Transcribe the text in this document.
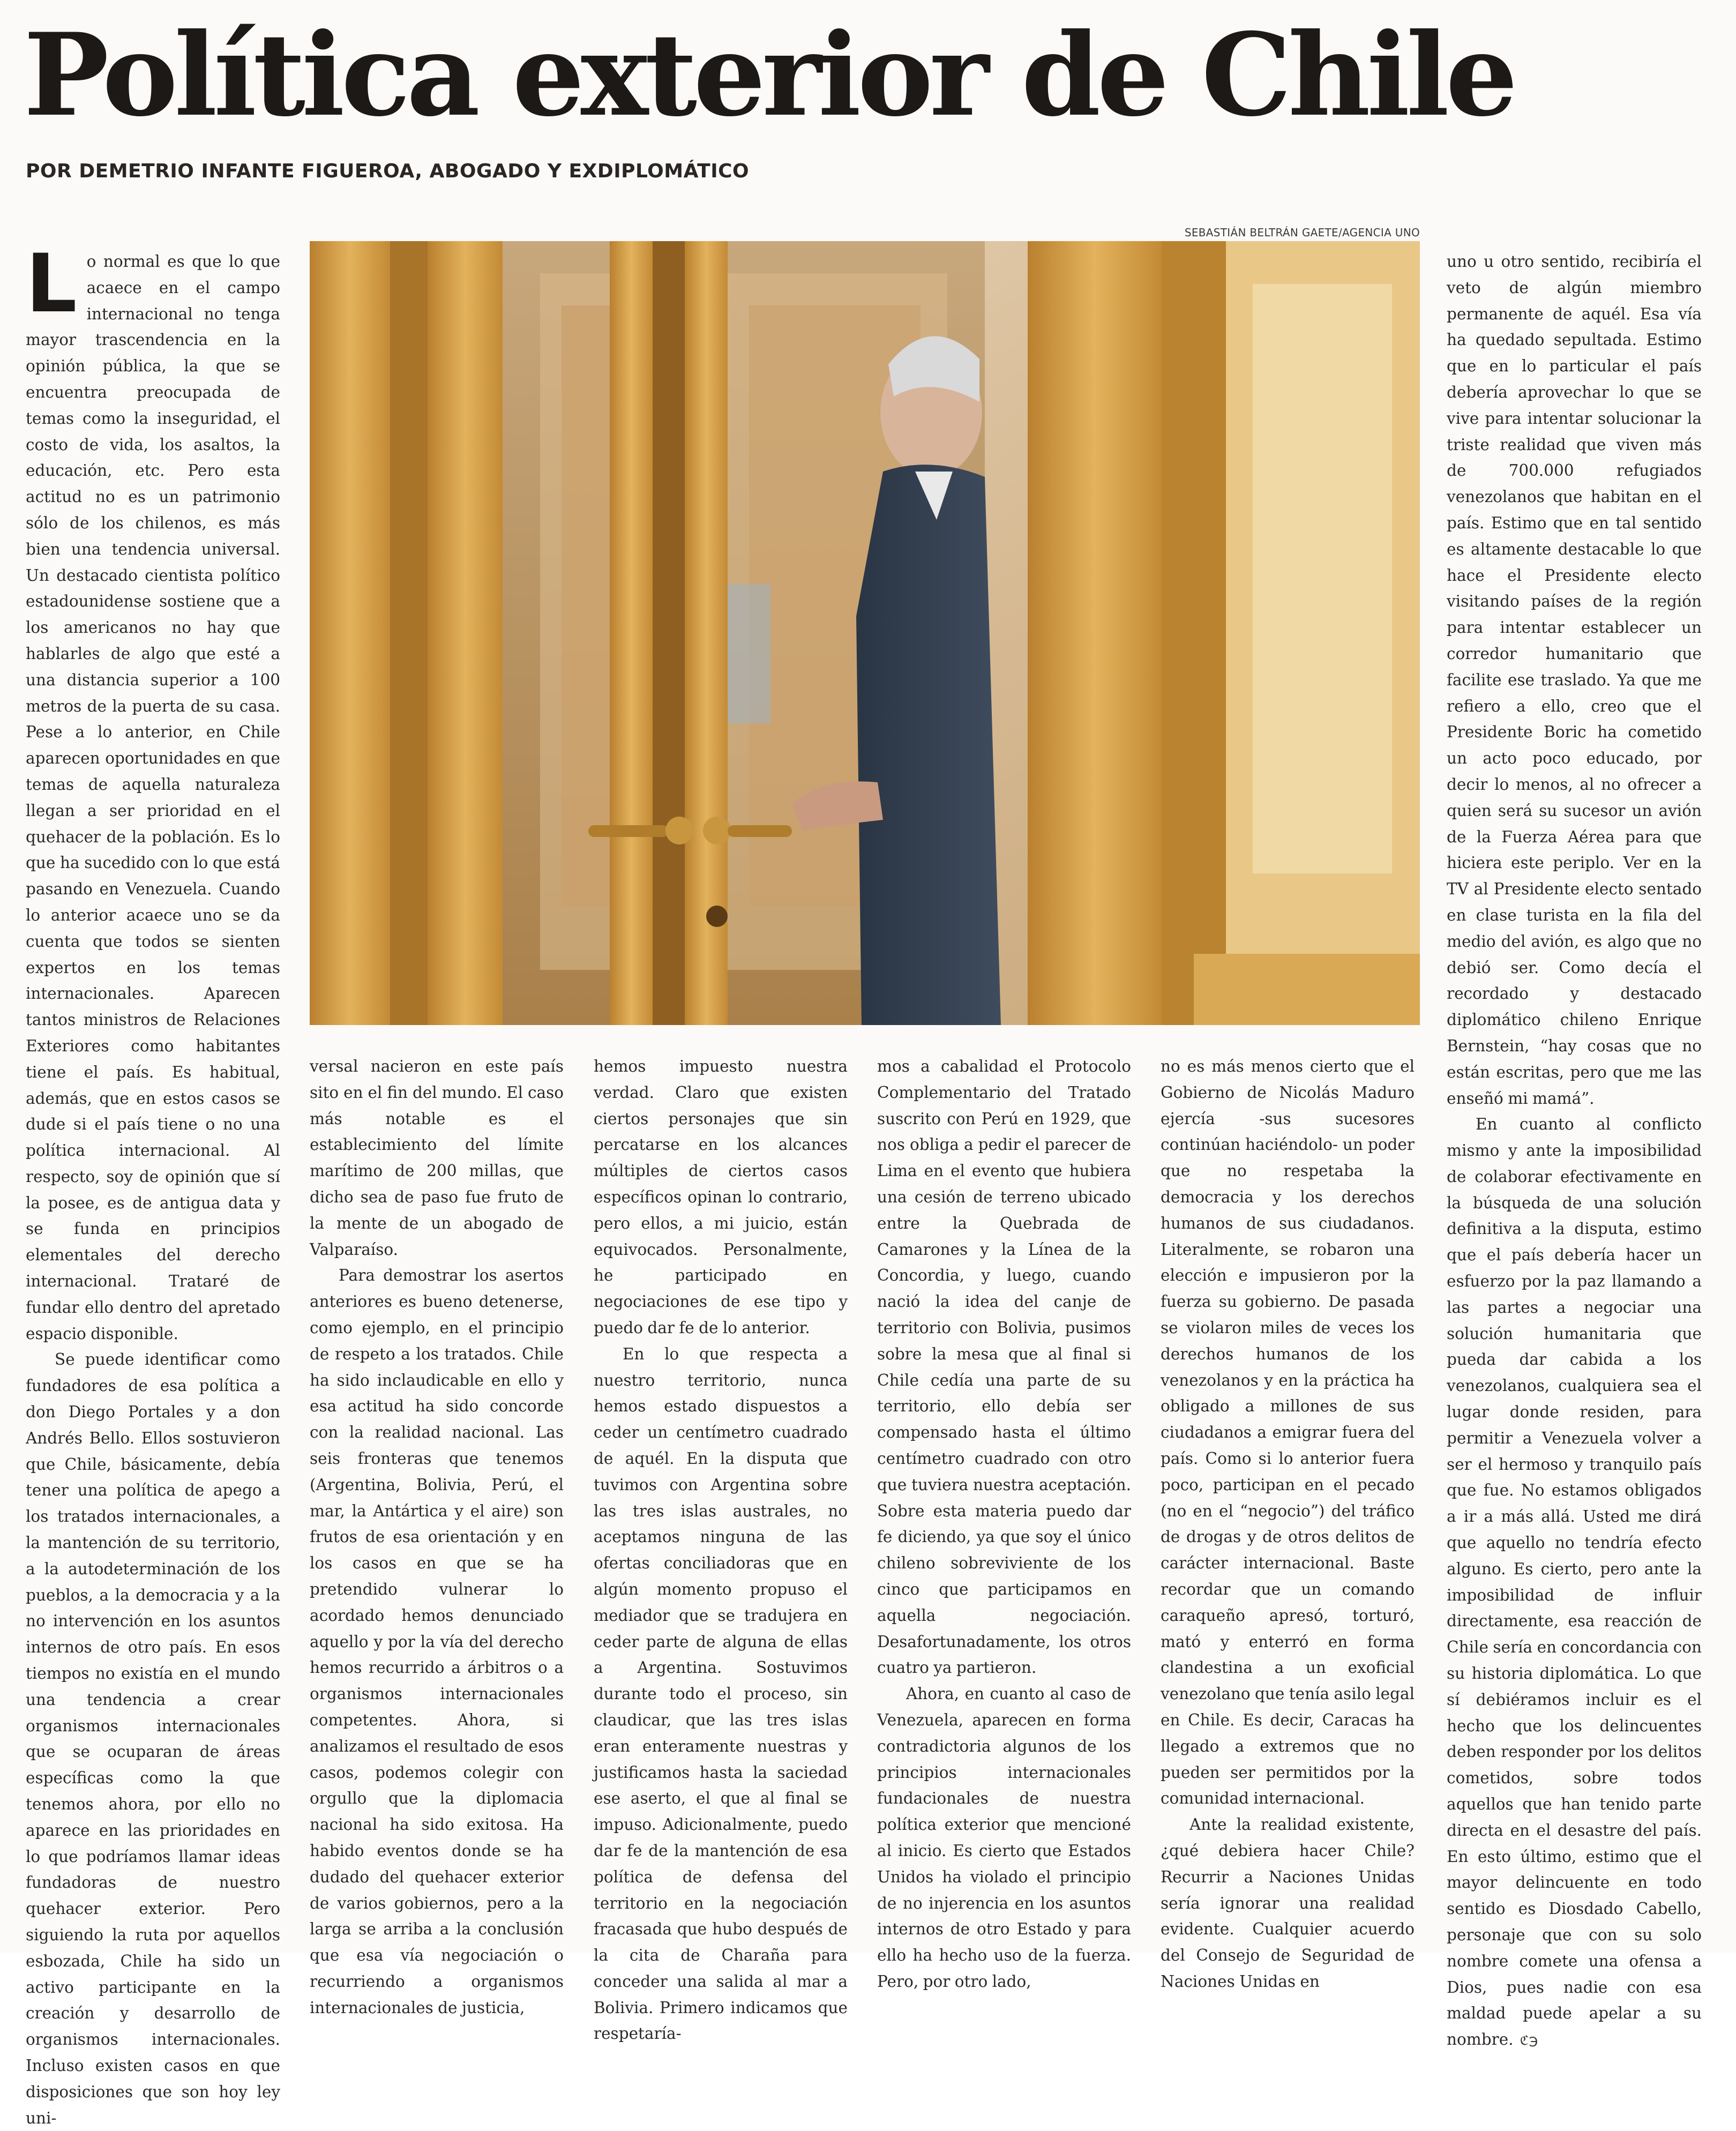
Política exterior de Chile
POR DEMETRIO INFANTE FIGUEROA, ABOGADO Y EXDIPLOMÁTICO
SEBASTIÁN BELTRÁN GAETE/AGENCIA UNO

Lo normal es que lo que acaece en el campo internacional no tenga mayor trascendencia en la opinión pública, la que se encuentra preocupada de temas como la inseguridad, el costo de vida, los asaltos, la educación, etc. Pero esta actitud no es un patrimonio sólo de los chilenos, es más bien una tendencia universal. Un destacado cientista político estadounidense sostiene que a los americanos no hay que hablarles de algo que esté a una distancia superior a 100 metros de la puerta de su casa. Pese a lo anterior, en Chile aparecen oportunidades en que temas de aquella naturaleza llegan a ser prioridad en el quehacer de la población. Es lo que ha sucedido con lo que está pasando en Venezuela. Cuando lo anterior acaece uno se da cuenta que todos se sienten expertos en los temas internacionales. Aparecen tantos ministros de Relaciones Exteriores como habitantes tiene el país. Es habitual, además, que en estos casos se dude si el país tiene o no una política internacional. Al respecto, soy de opinión que sí la posee, es de antigua data y se funda en principios elementales del derecho internacional. Trataré de fundar ello dentro del apretado espacio disponible.

Se puede identificar como fundadores de esa política a don Diego Portales y a don Andrés Bello. Ellos sostuvieron que Chile, básicamente, debía tener una política de apego a los tratados internacionales, a la mantención de su territorio, a la autodeterminación de los pueblos, a la democracia y a la no intervención en los asuntos internos de otro país. En esos tiempos no existía en el mundo una tendencia a crear organismos internacionales que se ocuparan de áreas específicas como la que tenemos ahora, por ello no aparece en las prioridades en lo que podríamos llamar ideas fundadoras de nuestro quehacer exterior. Pero siguiendo la ruta por aquellos esbozada, Chile ha sido un activo participante en la creación y desarrollo de organismos internacionales. Incluso existen casos en que disposiciones que son hoy ley uni-

versal nacieron en este país sito en el fin del mundo. El caso más notable es el establecimiento del límite marítimo de 200 millas, que dicho sea de paso fue fruto de la mente de un abogado de Valparaíso.

Para demostrar los asertos anteriores es bueno detenerse, como ejemplo, en el principio de respeto a los tratados. Chile ha sido inclaudicable en ello y esa actitud ha sido concorde con la realidad nacional. Las seis fronteras que tenemos (Argentina, Bolivia, Perú, el mar, la Antártica y el aire) son frutos de esa orientación y en los casos en que se ha pretendido vulnerar lo acordado hemos denunciado aquello y por la vía del derecho hemos recurrido a árbitros o a organismos internacionales competentes. Ahora, si analizamos el resultado de esos casos, podemos colegir con orgullo que la diplomacia nacional ha sido exitosa. Ha habido eventos donde se ha dudado del quehacer exterior de varios gobiernos, pero a la larga se arriba a la conclusión que esa vía negociación o recurriendo a organismos internacionales de justicia,

hemos impuesto nuestra verdad. Claro que existen ciertos personajes que sin percatarse en los alcances múltiples de ciertos casos específicos opinan lo contrario, pero ellos, a mi juicio, están equivocados. Personalmente, he participado en negociaciones de ese tipo y puedo dar fe de lo anterior.

En lo que respecta a nuestro territorio, nunca hemos estado dispuestos a ceder un centímetro cuadrado de aquél. En la disputa que tuvimos con Argentina sobre las tres islas australes, no aceptamos ninguna de las ofertas conciliadoras que en algún momento propuso el mediador que se tradujera en ceder parte de alguna de ellas a Argentina. Sostuvimos durante todo el proceso, sin claudicar, que las tres islas eran enteramente nuestras y justificamos hasta la saciedad ese aserto, el que al final se impuso. Adicionalmente, puedo dar fe de la mantención de esa política de defensa del territorio en la negociación fracasada que hubo después de la cita de Charaña para conceder una salida al mar a Bolivia. Primero indicamos que respetaría-

mos a cabalidad el Protocolo Complementario del Tratado suscrito con Perú en 1929, que nos obliga a pedir el parecer de Lima en el evento que hubiera una cesión de terreno ubicado entre la Quebrada de Camarones y la Línea de la Concordia, y luego, cuando nació la idea del canje de territorio con Bolivia, pusimos sobre la mesa que al final si Chile cedía una parte de su territorio, ello debía ser compensado hasta el último centímetro cuadrado con otro que tuviera nuestra aceptación. Sobre esta materia puedo dar fe diciendo, ya que soy el único chileno sobreviviente de los cinco que participamos en aquella negociación. Desafortunadamente, los otros cuatro ya partieron.

Ahora, en cuanto al caso de Venezuela, aparecen en forma contradictoria algunos de los principios internacionales fundacionales de nuestra política exterior que mencioné al inicio. Es cierto que Estados Unidos ha violado el principio de no injerencia en los asuntos internos de otro Estado y para ello ha hecho uso de la fuerza. Pero, por otro lado,

no es más menos cierto que el Gobierno de Nicolás Maduro ejercía -sus sucesores continúan haciéndolo- un poder que no respetaba la democracia y los derechos humanos de sus ciudadanos. Literalmente, se robaron una elección e impusieron por la fuerza su gobierno. De pasada se violaron miles de veces los derechos humanos de los venezolanos y en la práctica ha obligado a millones de sus ciudadanos a emigrar fuera del país. Como si lo anterior fuera poco, participan en el pecado (no en el “negocio”) del tráfico de drogas y de otros delitos de carácter internacional. Baste recordar que un comando caraqueño apresó, torturó, mató y enterró en forma clandestina a un exoficial venezolano que tenía asilo legal en Chile. Es decir, Caracas ha llegado a extremos que no pueden ser permitidos por la comunidad internacional.

Ante la realidad existente, ¿qué debiera hacer Chile? Recurrir a Naciones Unidas sería ignorar una realidad evidente. Cualquier acuerdo del Consejo de Seguridad de Naciones Unidas en

uno u otro sentido, recibiría el veto de algún miembro permanente de aquél. Esa vía ha quedado sepultada. Estimo que en lo particular el país debería aprovechar lo que se vive para intentar solucionar la triste realidad que viven más de 700.000 refugiados venezolanos que habitan en el país. Estimo que en tal sentido es altamente destacable lo que hace el Presidente electo visitando países de la región para intentar establecer un corredor humanitario que facilite ese traslado. Ya que me refiero a ello, creo que el Presidente Boric ha cometido un acto poco educado, por decir lo menos, al no ofrecer a quien será su sucesor un avión de la Fuerza Aérea para que hiciera este periplo. Ver en la TV al Presidente electo sentado en clase turista en la fila del medio del avión, es algo que no debió ser. Como decía el recordado y destacado diplomático chileno Enrique Bernstein, “hay cosas que no están escritas, pero que me las enseñó mi mamá”.

En cuanto al conflicto mismo y ante la imposibilidad de colaborar efectivamente en la búsqueda de una solución definitiva a la disputa, estimo que el país debería hacer un esfuerzo por la paz llamando a las partes a negociar una solución humanitaria que pueda dar cabida a los venezolanos, cualquiera sea el lugar donde residen, para permitir a Venezuela volver a ser el hermoso y tranquilo país que fue. No estamos obligados a ir a más allá. Usted me dirá que aquello no tendría efecto alguno. Es cierto, pero ante la imposibilidad de influir directamente, esa reacción de Chile sería en concordancia con su historia diplomática. Lo que sí debiéramos incluir es el hecho que los delincuentes deben responder por los delitos cometidos, sobre todos aquellos que han tenido parte directa en el desastre del país. En esto último, estimo que el mayor delincuente en todo sentido es Diosdado Cabello, personaje que con su solo nombre comete una ofensa a Dios, pues nadie con esa maldad puede apelar a su nombre. ℭ℈
